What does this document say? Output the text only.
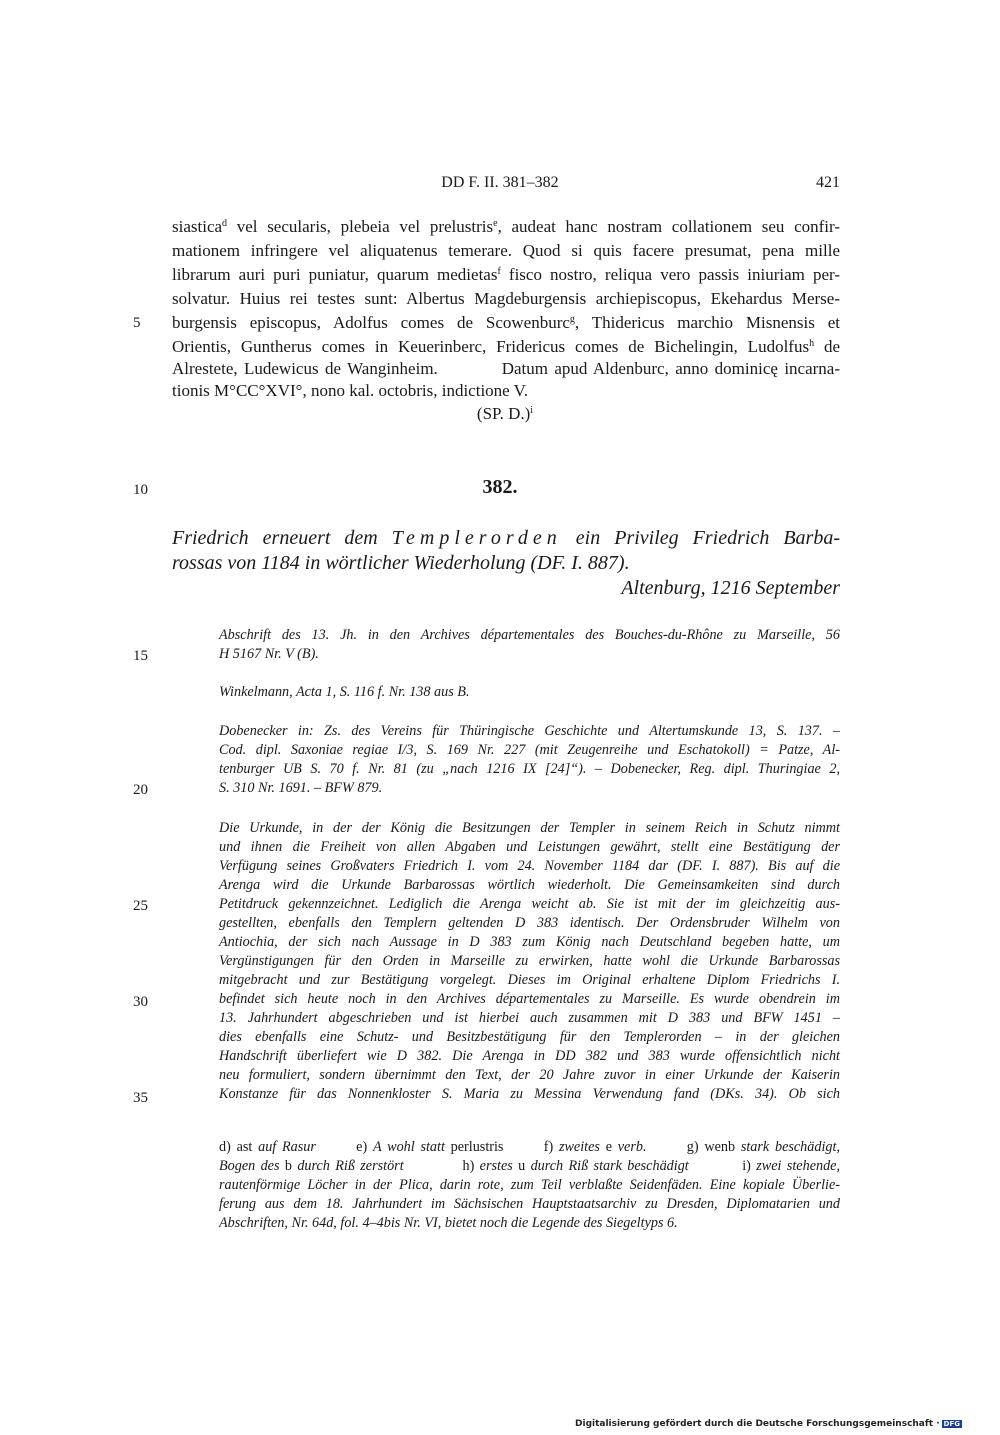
DD F. II. 381–382	421
5
10
15
20
25
30
35
siastica$^d$ vel secularis, plebeia vel prelustris$^e$, audeat hanc nostram collationem seu confir-
mationem infringere vel aliquatenus temerare. Quod si quis facere presumat, pena mille
librarum auri puri puniatur, quarum medietas$^f$ fisco nostro, reliqua vero passis iniuriam per-
solvatur. Huius rei testes sunt: Albertus Magdeburgensis archiepiscopus, Ekehardus Merse-
burgensis episcopus, Adolfus comes de Scowenburc$^g$, Thidericus marchio Misnensis et
Orientis, Guntherus comes in Keuerinberc, Fridericus comes de Bichelingin, Ludolfus$^h$ de
Alrestete, Ludewicus de Wanginheim.          Datum apud Aldenburc, anno dominicę incarna-
tionis M°CC°XVI°, nono kal. octobris, indictione V.
(SP. D.)$^i$
382.
Friedrich erneuert dem Templerorden ein Privileg Friedrich Barba-
rossas von 1184 in wörtlicher Wiederholung (DF. I. 887).
Altenburg, 1216 September
Abschrift des 13. Jh. in den Archives départementales des Bouches-du-Rhône zu Marseille, 56
H 5167 Nr. V (B).
Winkelmann, Acta 1, S. 116 f. Nr. 138 aus B.
Dobenecker in: Zs. des Vereins für Thüringische Geschichte und Altertumskunde 13, S. 137. –
Cod. dipl. Saxoniae regiae I/3, S. 169 Nr. 227 (mit Zeugenreihe und Eschatokoll) = Patze, Al-
tenburger UB S. 70 f. Nr. 81 (zu „nach 1216 IX [24]“). – Dobenecker, Reg. dipl. Thuringiae 2,
S. 310 Nr. 1691. – BFW 879.
Die Urkunde, in der der König die Besitzungen der Templer in seinem Reich in Schutz nimmt
und ihnen die Freiheit von allen Abgaben und Leistungen gewährt, stellt eine Bestätigung der
Verfügung seines Großvaters Friedrich I. vom 24. November 1184 dar (DF. I. 887). Bis auf die
Arenga wird die Urkunde Barbarossas wörtlich wiederholt. Die Gemeinsamkeiten sind durch
Petitdruck gekennzeichnet. Lediglich die Arenga weicht ab. Sie ist mit der im gleichzeitig aus-
gestellten, ebenfalls den Templern geltenden D 383 identisch. Der Ordensbruder Wilhelm von
Antiochia, der sich nach Aussage in D 383 zum König nach Deutschland begeben hatte, um
Vergünstigungen für den Orden in Marseille zu erwirken, hatte wohl die Urkunde Barbarossas
mitgebracht und zur Bestätigung vorgelegt. Dieses im Original erhaltene Diplom Friedrichs I.
befindet sich heute noch in den Archives départementales zu Marseille. Es wurde obendrein im
13. Jahrhundert abgeschrieben und ist hierbei auch zusammen mit D 383 und BFW 1451 –
dies ebenfalls eine Schutz- und Besitzbestätigung für den Templerorden – in der gleichen
Handschrift überliefert wie D 382. Die Arenga in DD 382 und 383 wurde offensichtlich nicht
neu formuliert, sondern übernimmt den Text, der 20 Jahre zuvor in einer Urkunde der Kaiserin
Konstanze für das Nonnenkloster S. Maria zu Messina Verwendung fand (DKs. 34). Ob sich
d) ast auf Rasur       e) A wohl statt perlustris       f) zweites e verb.       g) wenb stark beschädigt,
Bogen des b durch Riß zerstört           h) erstes u durch Riß stark beschädigt          i) zwei stehende,
rautenförmige Löcher in der Plica, darin rote, zum Teil verblaßte Seidenfäden. Eine kopiale Überlie-
ferung aus dem 18. Jahrhundert im Sächsischen Hauptstaatsarchiv zu Dresden, Diplomatarien und
Abschriften, Nr. 64d, fol. 4–4bis Nr. VI, bietet noch die Legende des Siegeltyps 6.
Digitalisierung gefördert durch die Deutsche Forschungsgemeinschaft · DFG
